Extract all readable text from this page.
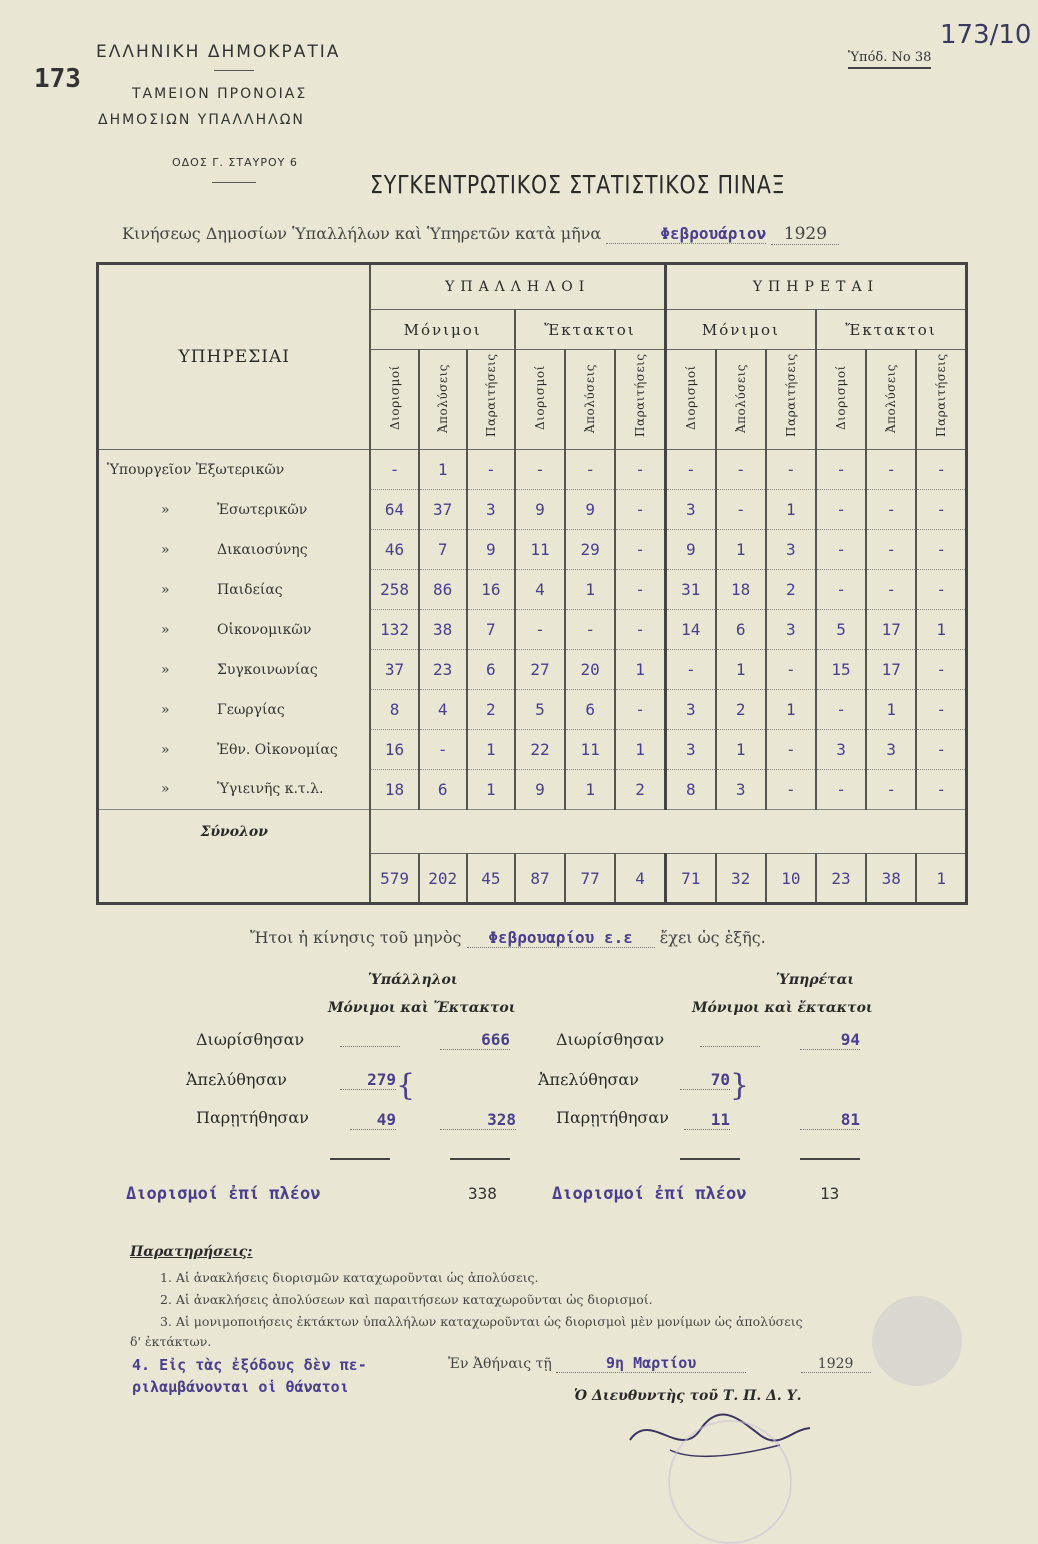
173
173/10
Ὑπόδ. Νο 38
ΕΛΛΗΝΙΚΗ ΔΗΜΟΚΡΑΤΙΑ
ΤΑΜΕΙΟΝ ΠΡΟΝΟΙΑΣ
ΔΗΜΟΣΙΩΝ ΥΠΑΛΛΗΛΩΝ
ΟΔΟΣ Γ. ΣΤΑΥΡΟΥ 6
ΣΥΓΚΕΝΤΡΩΤΙΚΟΣ ΣΤΑΤΙΣΤΙΚΟΣ ΠΙΝΑΞ
Κινήσεως Δημοσίων Ὑπαλλήλων καὶ Ὑπηρετῶν κατὰ μῆνα	Φεβρουάριον 1929
ΥΠΗΡΕΣΙΑΙ	ΥΠΑΛΛΗΛΟΙ						ΥΠΗΡΕΤΑΙ					
	Μόνιμοι			Ἔκτακτοι			Μόνιμοι			Ἔκτακτοι		
	Διορισμοί	Ἀπολύσεις	Παραιτήσεις	Διορισμοί	Ἀπολύσεις	Παραιτήσεις	Διορισμοί	Ἀπολύσεις	Παραιτήσεις	Διορισμοί	Ἀπολύσεις	Παραιτήσεις
Ὑπουργεῖον Ἐξωτερικῶν	-	1	-	-	-	-	-	-	-	-	-	-
» Ἐσωτερικῶν	64	37	3	9	9	-	3	-	1	-	-	-
» Δικαιοσύνης	46	7	9	11	29	-	9	1	3	-	-	-
» Παιδείας	258	86	16	4	1	-	31	18	2	-	-	-
» Οἰκονομικῶν	132	38	7	-	-	-	14	6	3	5	17	1
» Συγκοινωνίας	37	23	6	27	20	1	-	1	-	15	17	-
» Γεωργίας	8	4	2	5	6	-	3	2	1	-	1	-
» Ἐθν. Οἰκονομίας	16	-	1	22	11	1	3	1	-	3	3	-
» Ὑγιεινῆς κ.τ.λ.	18	6	1	9	1	2	8	3	-	-	-	-
Σύνολον												
	579	202	45	87	77	4	71	32	10	23	38	1
Ἤτοι ἡ κίνησις τοῦ μηνὸς Φεβρουαρίου ε.ε ἔχει ὡς ἑξῆς.
Ὑπάλληλοι
Μόνιμοι καὶ Ἔκτακτοι
Ὑπηρέται
Μόνιμοι καὶ ἔκτακτοι
Διωρίσθησαν	666
Ἀπελύθησαν	279 {
Παρῃτήθησαν	49	328
Διορισμοί ἐπί πλέον	338
Διωρίσθησαν	94
Ἀπελύθησαν	70 }
Παρῃτήθησαν	11	81
Διορισμοί ἐπί πλέον	13
Παρατηρήσεις:
1. Αἱ ἀνακλήσεις διορισμῶν καταχωροῦνται ὡς ἀπολύσεις.
2. Αἱ ἀνακλήσεις ἀπολύσεων καὶ παραιτήσεων καταχωροῦνται ὡς διορισμοί.
3. Αἱ μονιμοποιήσεις ἐκτάκτων ὑπαλλήλων καταχωροῦνται ὡς διορισμοὶ μὲν μονίμων ὡς ἀπολύσεις
δ' ἐκτάκτων.
4. Εἰς τὰς ἐξόδους δὲν πε-
ριλαμβάνονται οἱ θάνατοι
Ἐν Ἀθήναις τῇ	9η Μαρτίου	1929
Ὁ Διευθυντὴς τοῦ Τ. Π. Δ. Υ.
